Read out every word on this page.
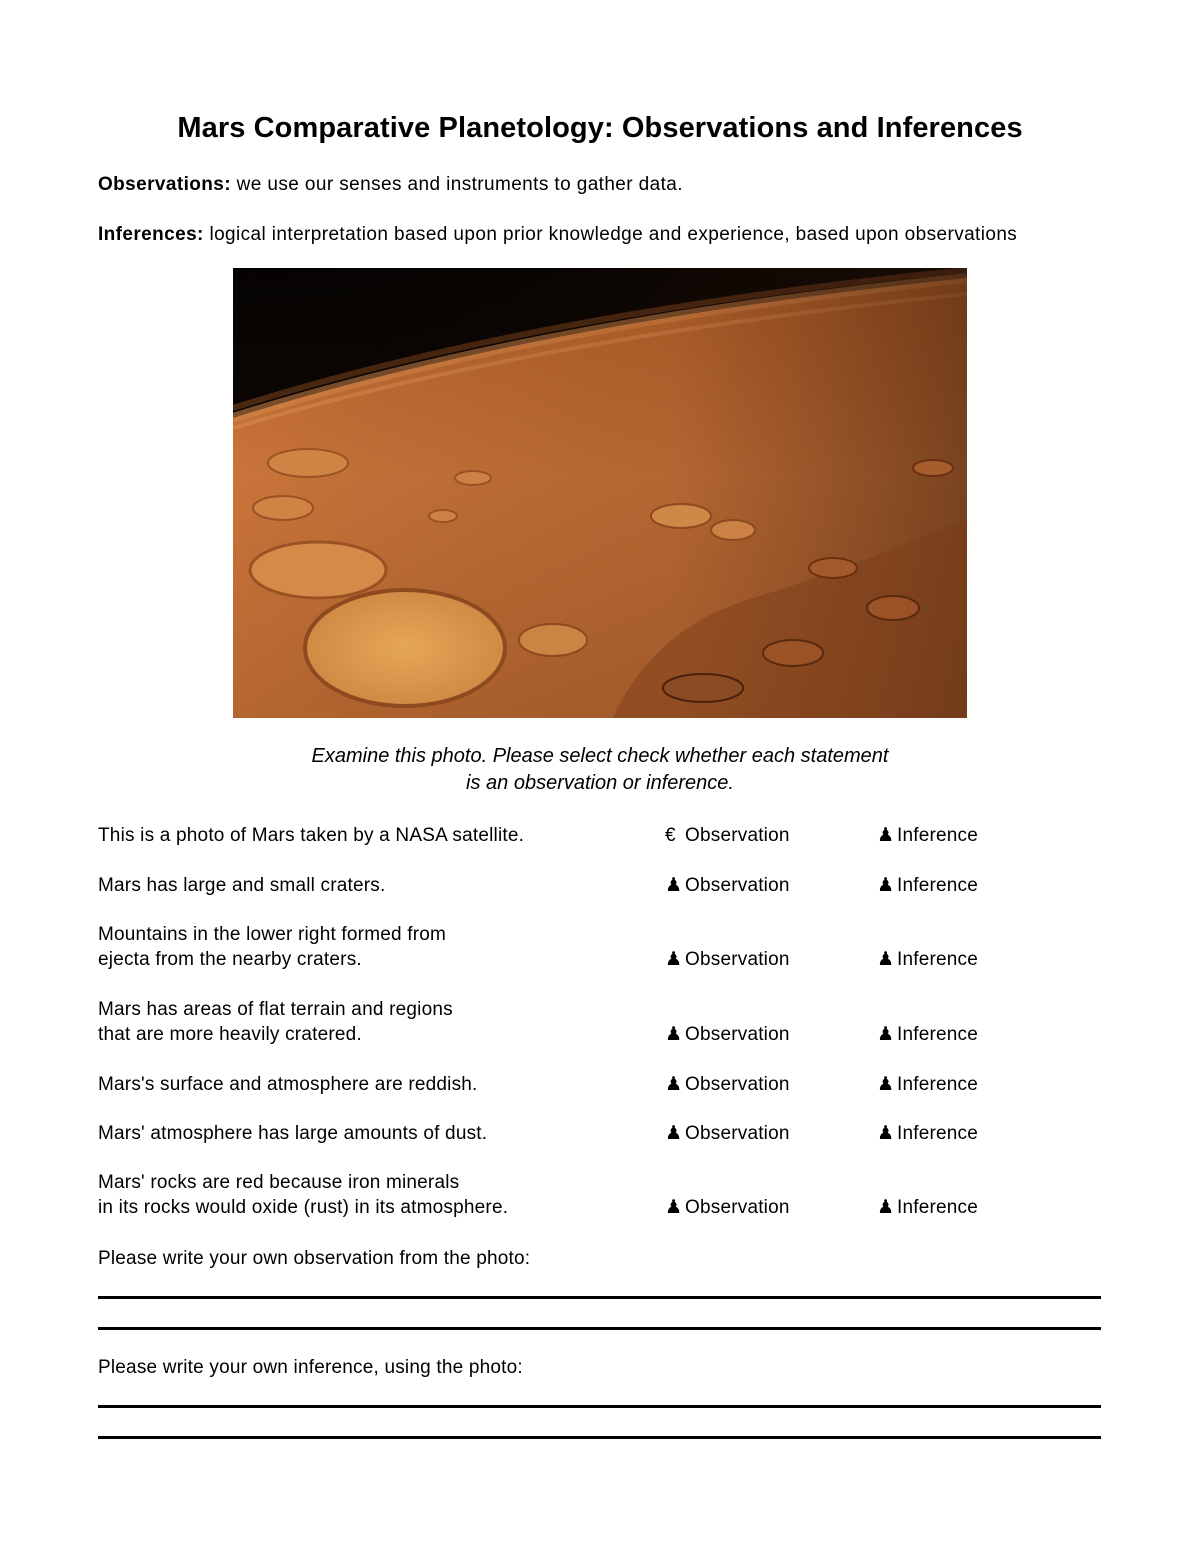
Mars Comparative Planetology: Observations and Inferences
Observations: we use our senses and instruments to gather data.
Inferences: logical interpretation based upon prior knowledge and experience, based upon observations
Examine this photo. Please select check whether each statement
is an observation or inference.
This is a photo of Mars taken by a NASA satellite.	€ Observation	♟ Inference
Mars has large and small craters.	♟ Observation	♟ Inference
Mountains in the lower right formed from
ejecta from the nearby craters.	♟ Observation	♟ Inference
Mars has areas of flat terrain and regions
that are more heavily cratered.	♟ Observation	♟ Inference
Mars's surface and atmosphere are reddish.	♟ Observation	♟ Inference
Mars' atmosphere has large amounts of dust.	♟ Observation	♟ Inference
Mars' rocks are red because iron minerals
in its rocks would oxide (rust) in its atmosphere.	♟ Observation	♟ Inference
Please write your own observation from the photo:
Please write your own inference, using the photo:
